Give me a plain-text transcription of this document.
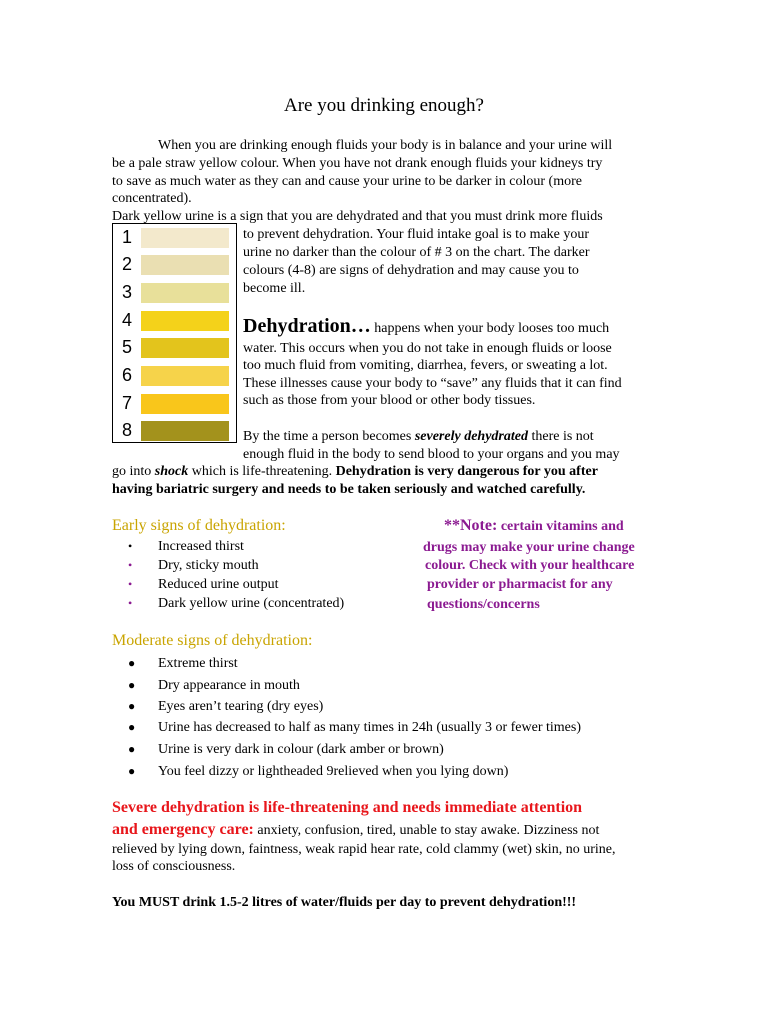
Are you drinking enough?
When you are drinking enough fluids your body is in balance and your urine will
be a pale straw yellow colour. When you have not drank enough fluids your kidneys try
to save as much water as they can and cause your urine to be darker in colour (more
concentrated).
Dark yellow urine is a sign that you are dehydrated and that you must drink more fluids
1
2
3
4
5
6
7
8
to prevent dehydration. Your fluid intake goal is to make your
urine no darker than the colour of # 3 on the chart. The darker
colours (4-8) are signs of dehydration and may cause you to
become ill.
Dehydration… happens when your body looses too much
water. This occurs when you do not take in enough fluids or loose
too much fluid from vomiting, diarrhea, fevers, or sweating a lot.
These illnesses cause your body to “save” any fluids that it can find
such as those from your blood or other body tissues.
By the time a person becomes severely dehydrated there is not
enough fluid in the body to send blood to your organs and you may
go into shock which is life-threatening. Dehydration is very dangerous for you after
having bariatric surgery and needs to be taken seriously and watched carefully.
Early signs of dehydration:
Increased thirst
Dry, sticky mouth
Reduced urine output
Dark yellow urine (concentrated)
•
•
•
•
**Note: certain vitamins and
drugs may make your urine change
colour. Check with your healthcare
provider or pharmacist for any
questions/concerns
Moderate signs of dehydration:
●
●
●
●
●
●
Extreme thirst
Dry appearance in mouth
Eyes aren’t tearing (dry eyes)
Urine has decreased to half as many times in 24h (usually 3 or fewer times)
Urine is very dark in colour (dark amber or brown)
You feel dizzy or lightheaded 9relieved when you lying down)
Severe dehydration is life-threatening and needs immediate attention
and emergency care: anxiety, confusion, tired, unable to stay awake. Dizziness not
relieved by lying down, faintness, weak rapid hear rate, cold clammy (wet) skin, no urine,
loss of consciousness.
You MUST drink 1.5-2 litres of water/fluids per day to prevent dehydration!!!
